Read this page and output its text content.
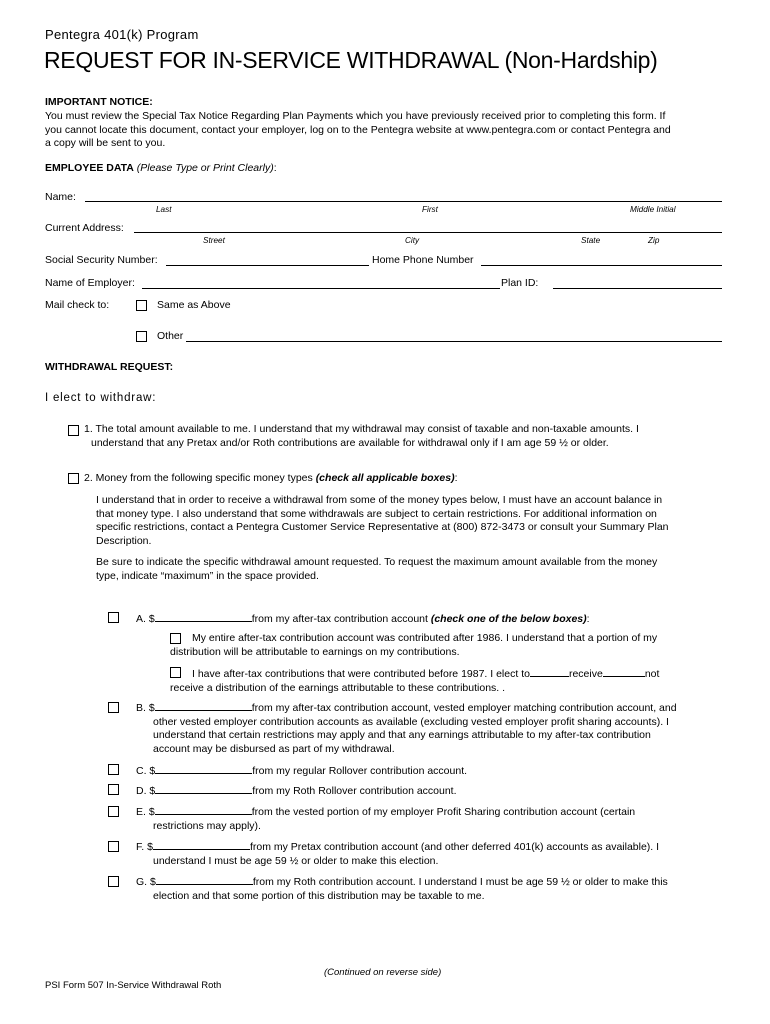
Pentegra 401(k) Program
REQUEST FOR IN-SERVICE WITHDRAWAL (Non-Hardship)
IMPORTANT NOTICE:
You must review the Special Tax Notice Regarding Plan Payments which you have previously received prior to completing this form. If
you cannot locate this document, contact your employer, log on to the Pentegra website at www.pentegra.com or contact Pentegra and
a copy will be sent to you.
EMPLOYEE DATA (Please Type or Print Clearly):
Name:
Last	First	Middle Initial
Current Address:
Street	City	State	Zip
Social Security Number:	Home Phone Number
Name of Employer:	Plan ID:
Mail check to:	Same as Above
Other
WITHDRAWAL REQUEST:
I elect to withdraw:
1. The total amount available to me. I understand that my withdrawal may consist of taxable and non-taxable amounts. I
understand that any Pretax and/or Roth contributions are available for withdrawal only if I am age 59 ½ or older.
2. Money from the following specific money types (check all applicable boxes):
I understand that in order to receive a withdrawal from some of the money types below, I must have an account balance in
that money type. I also understand that some withdrawals are subject to certain restrictions. For additional information on
specific restrictions, contact a Pentegra Customer Service Representative at (800) 872-3473 or consult your Summary Plan
Description.
Be sure to indicate the specific withdrawal amount requested. To request the maximum amount available from the money
type, indicate “maximum” in the space provided.
A. $	from my after-tax contribution account (check one of the below boxes):
My entire after-tax contribution account was contributed after 1986. I understand that a portion of my
distribution will be attributable to earnings on my contributions.
I have after-tax contributions that were contributed before 1987. I elect to	receive	not
receive a distribution of the earnings attributable to these contributions. .
B. $	from my after-tax contribution account, vested employer matching contribution account, and
other vested employer contribution accounts as available (excluding vested employer profit sharing accounts). I
understand that certain restrictions may apply and that any earnings attributable to my after-tax contribution
account may be disbursed as part of my withdrawal.
C. $	from my regular Rollover contribution account.
D. $	from my Roth Rollover contribution account.
E. $	from the vested portion of my employer Profit Sharing contribution account (certain
restrictions may apply).
F. $	from my Pretax contribution account (and other deferred 401(k) accounts as available). I
understand I must be age 59 ½ or older to make this election.
G. $	from my Roth contribution account. I understand I must be age 59 ½ or older to make this
election and that some portion of this distribution may be taxable to me.
(Continued on reverse side)
PSI Form 507 In-Service Withdrawal Roth
